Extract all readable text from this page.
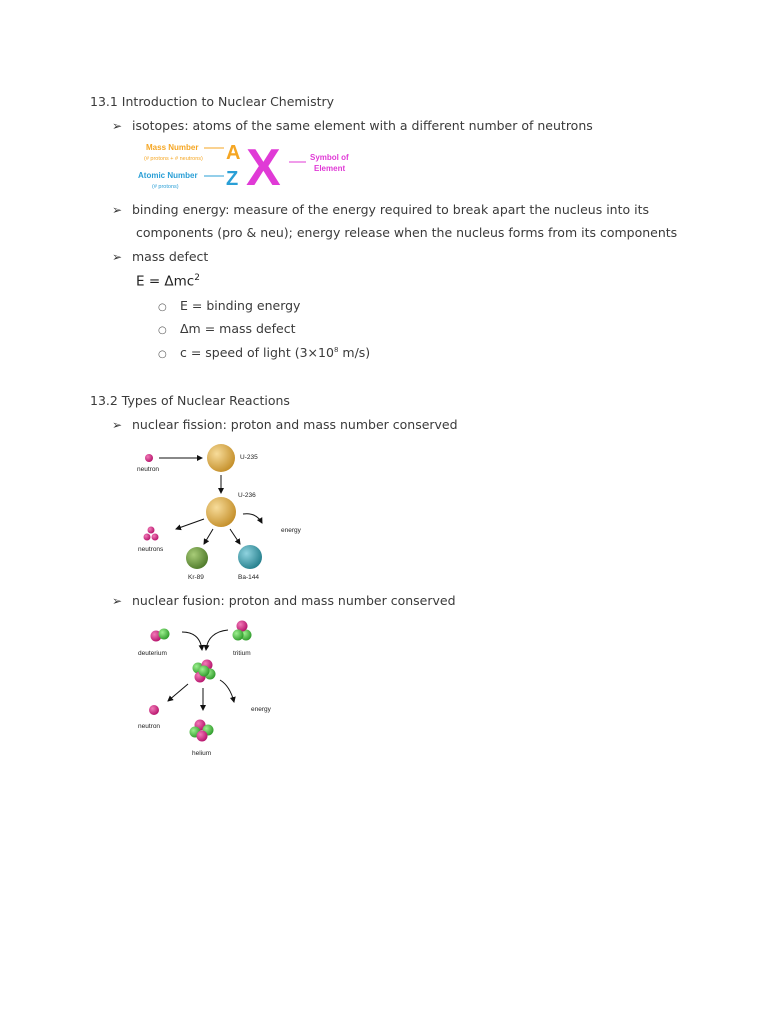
13.1 Introduction to Nuclear Chemistry
➢ isotopes: atoms of the same element with a different number of neutrons
Mass Number
(# protons + # neutrons) A
Atomic Number
(# protons) Z X	Symbol of
Element
➢ binding energy: measure of the energy required to break apart the nucleus into its
components (pro & neu); energy release when the nucleus forms from its components
➢ mass defect
E = Δmc$^2$
○ E = binding energy
○ Δm = mass defect
○ c = speed of light ($3\times 10^8$ m/s)
13.2 Types of Nuclear Reactions
➢ nuclear fission: proton and mass number conserved
neutron
U-235
U-236
energy
neutrons
Kr-89	Ba-144
➢ nuclear fusion: proton and mass number conserved
deuterium	tritium
neutron
helium
energy
